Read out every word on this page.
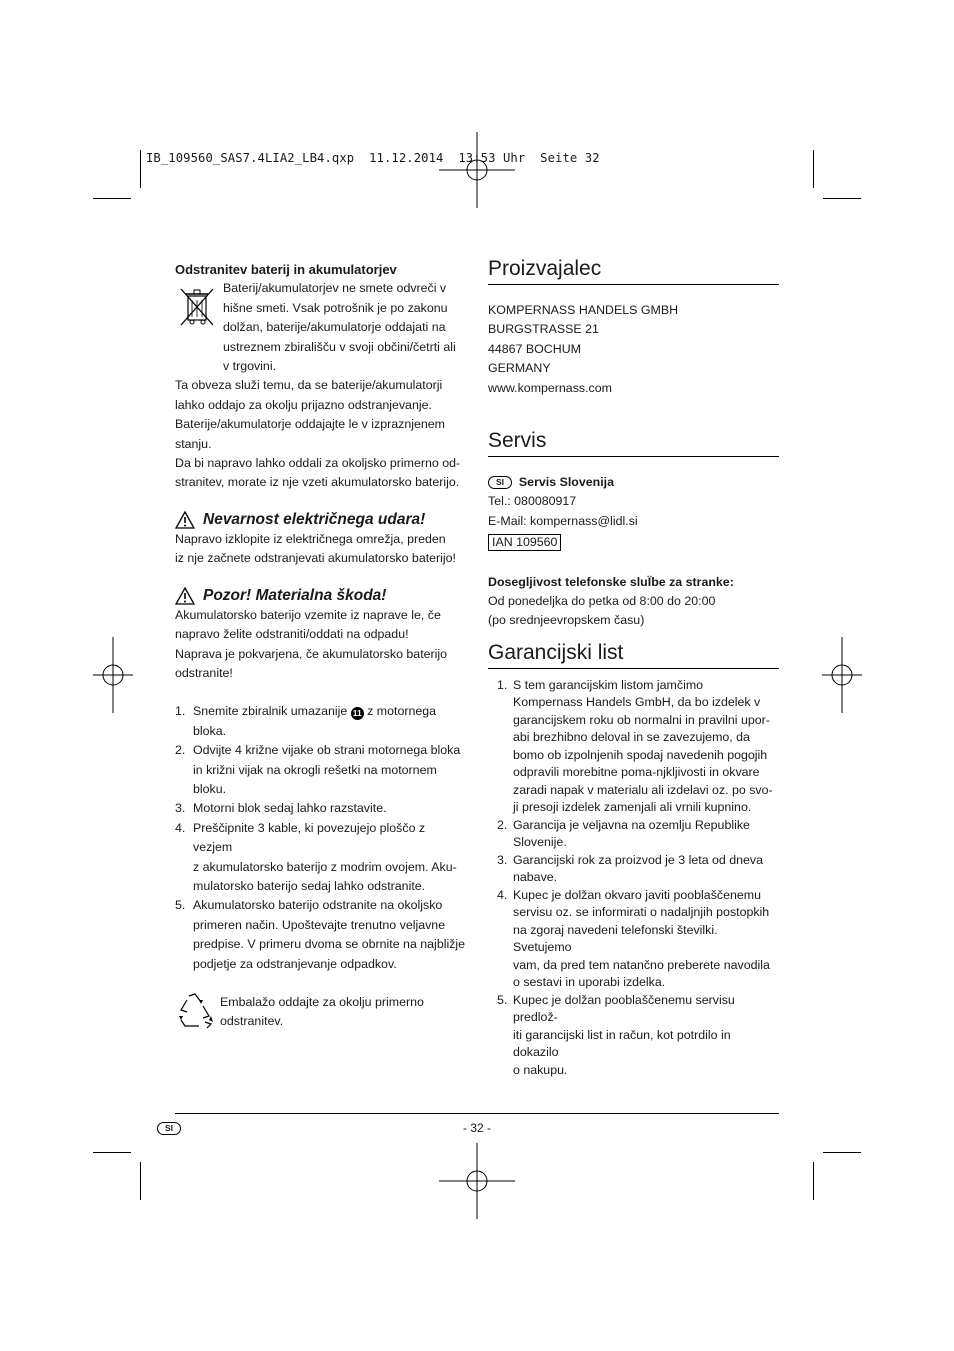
IB_109560_SAS7.4LIA2_LB4.qxp  11.12.2014  13:53 Uhr  Seite 32

Odstranitev baterij in akumulatorjev

Baterij/akumulatorjev ne smete odvreči v

hišne smeti. Vsak potrošnik je po zakonu

dolžan, baterije/akumulatorje oddajati na

ustreznem zbirališču v svoji občini/četrti ali

v trgovini.

Ta obveza služi temu, da se baterije/akumulatorji

lahko oddajo za okolju prijazno odstranjevanje.

Baterije/akumulatorje oddajajte le v izpraznjenem

stanju.

Da bi napravo lahko oddali za okoljsko primerno od-

stranitev, morate iz nje vzeti akumulatorsko baterijo.

Nevarnost električnega udara!

Napravo izklopite iz električnega omrežja, preden

iz nje začnete odstranjevati akumulatorsko baterijo!

Pozor! Materialna škoda!

Akumulatorsko baterijo vzemite iz naprave le, če

napravo želite odstraniti/oddati na odpadu!

Naprava je pokvarjena, če akumulatorsko baterijo

odstranite!

1. Snemite zbiralnik umazanije 11 z motornega

bloka.

2. Odvijte 4 križne vijake ob strani motornega bloka

in križni vijak na okrogli rešetki na motornem bloku.

3. Motorni blok sedaj lahko razstavite.

4. Preščipnite 3 kable, ki povezujejo ploščo z vezjem

z akumulatorsko baterijo z modrim ovojem. Aku-

mulatorsko baterijo sedaj lahko odstranite.

5. Akumulatorsko baterijo odstranite na okoljsko

primeren način. Upoštevajte trenutno veljavne

predpise. V primeru dvoma se obrnite na najbližje

podjetje za odstranjevanje odpadkov.

Embalažo oddajte za okolju primerno

odstranitev.

Proizvajalec

KOMPERNASS HANDELS GMBH

BURGSTRASSE 21

44867 BOCHUM

GERMANY

www.kompernass.com

Servis

SI Servis Slovenija

Tel.: 080080917

E-Mail: kompernass@lidl.si

IAN 109560

Dosegljivost telefonske sluÏbe za stranke:

Od ponedeljka do petka od 8:00 do 20:00

(po srednjeevropskem času)

Garancijski list
1. S tem garancijskim listom jamčimo

Kompernass Handels GmbH, da bo izdelek v

garancijskem roku ob normalni in pravilni upor-

abi brezhibno deloval in se zavezujemo, da

bomo ob izpolnjenih spodaj navedenih pogojih

odpravili morebitne poma-njkljivosti in okvare

zaradi napak v materialu ali izdelavi oz. po svo-

ji presoji izdelek zamenjali ali vrnili kupnino.

2. Garancija je veljavna na ozemlju Republike

Slovenije.

3. Garancijski rok za proizvod je 3 leta od dneva

nabave.

4. Kupec je dolžan okvaro javiti pooblaščenemu

servisu oz. se informirati o nadaljnjih postopkih

na zgoraj navedeni telefonski številki. Svetujemo

vam, da pred tem natančno preberete navodila

o sestavi in uporabi izdelka.

5. Kupec je dolžan pooblaščenemu servisu predlož-

iti garancijski list in račun, kot potrdilo in dokazilo

o nakupu.

SI	- 32 -
